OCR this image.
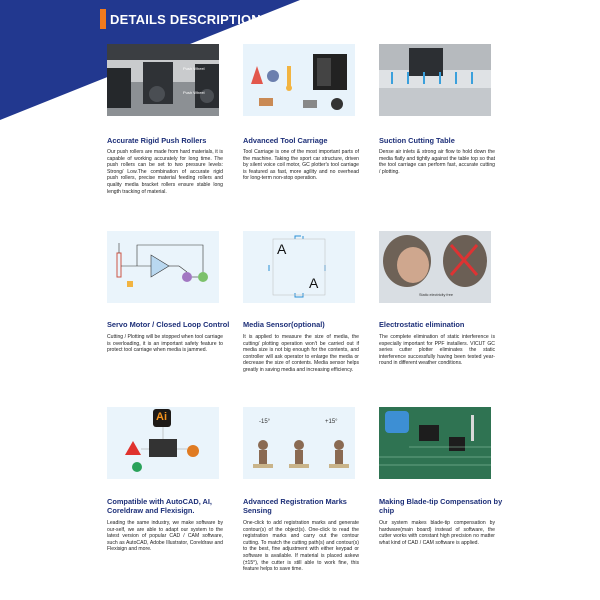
DETAILS DESCRIPTION
Push Wheel
Push Wheel
Accurate Rigid Push Rollers
Our push rollers are made from hard materials, it is capable of working accurately for long time. The push rollers can be set to two pressure levels: Strong/ Low.The combination of accurate rigid push rollers, precise material feeding rollers and quality media bracket rollers ensure stable long length tracking of material.
Advanced Tool Carriage
Tool Carriage is one of the most important parts of the machine. Taking the sport car structure, driven by silent voice coil motor, GC plotter's tool carriage is featured as fast, more agility and no overhead for long-term non-stop operation.
Suction Cutting Table
Dense air inlets & strong air flow to hold down the media flatly and tightly against the table top so that the tool carriage can perform fast, accurate cutting / plotting.
Servo Motor / Closed Loop Control
Cutting / Plotting will be stopped when tool carriage is overloading, it is an important safety feature to protect tool carriage when media is jammed.
A
A
Media Sensor(optional)
It is applied to measure the size of media, the cutting/ plotting operation won't be carried out if media size is not big enough for the contents, and controller will ask operator to enlarge the media or decrease the size of contents. Media sensor helps greatly in saving media and increasing efficiency.
Static electricity free
Electrostatic elimination
The complete elimination of static interference is especially important for PPF installers. VICUT GC series cutter plotter eliminates the static interference successfully having been tested year-round in different weather conditions.
Ai
Compatible with AutoCAD, AI, Coreldraw and Flexisign.
Leading the same industry, we make software by our-self, we are able to adapt our system to the latest version of popular CAD / CAM software, such as AutoCAD, Adobe Illustrator, Coreldraw and Flexisign and more.
-15°	+15°
Advanced Registration Marks Sensing
One-click to add registration marks and generate contour(s) of the object(s). One-click to read the registration marks and carry out the contour cutting. To match the cutting path(s) and contour(s) to the best, fine adjustment with either keypad or software is available. If material is placed askew (±15°), the cutter is still able to work fine, this feature helps to save time.
Making Blade-tip Compensation by chip
Our system makes blade-tip compensation by hardware(main board) instead of software, the cutter works with constant high precision no matter what kind of CAD / CAM software is applied.
